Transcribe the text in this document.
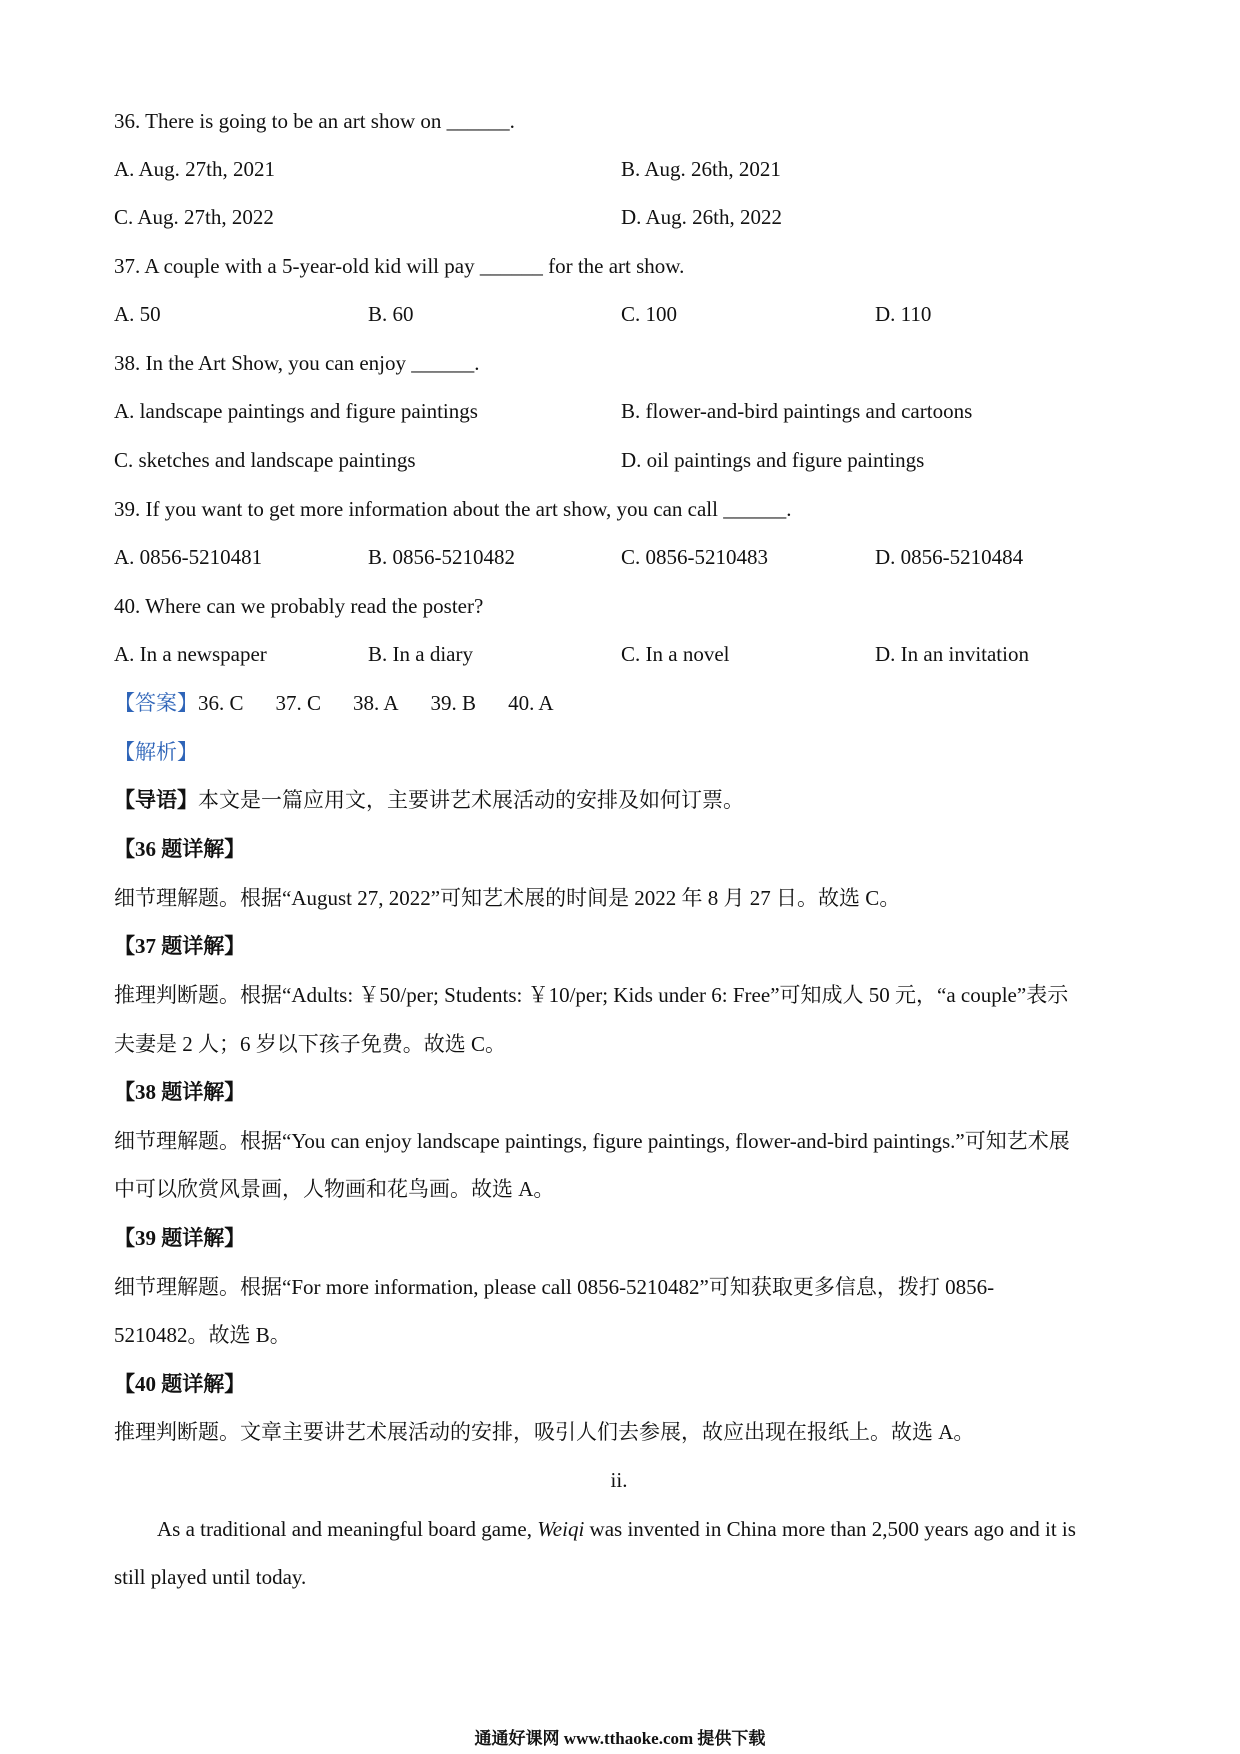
36. There is going to be an art show on ______.
A. Aug. 27th, 2021	B. Aug. 26th, 2021
C. Aug. 27th, 2022	D. Aug. 26th, 2022
37. A couple with a 5-year-old kid will pay ______ for the art show.
A. 50	B. 60	C. 100	D. 110
38. In the Art Show, you can enjoy ______.
A. landscape paintings and figure paintings	B. flower-and-bird paintings and cartoons
C. sketches and landscape paintings	D. oil paintings and figure paintings
39. If you want to get more information about the art show, you can call ______.
A. 0856-5210481	B. 0856-5210482	C. 0856-5210483	D. 0856-5210484
40. Where can we probably read the poster?
A. In a newspaper	B. In a diary	C. In a novel	D. In an invitation
【答案】36. C 37. C 38. A 39. B 40. A
【解析】
【导语】本文是一篇应用文，主要讲艺术展活动的安排及如何订票。
【36 题详解】
细节理解题。根据“August 27, 2022”可知艺术展的时间是 2022 年 8 月 27 日。故选 C。
【37 题详解】
推理判断题。根据“Adults: ￥50/per; Students: ￥10/per; Kids under 6: Free”可知成人 50 元，“a couple”表示
夫妻是 2 人；6 岁以下孩子免费。故选 C。
【38 题详解】
细节理解题。根据“You can enjoy landscape paintings, figure paintings, flower-and-bird paintings.”可知艺术展
中可以欣赏风景画，人物画和花鸟画。故选 A。
【39 题详解】
细节理解题。根据“For more information, please call 0856-5210482”可知获取更多信息，拨打 0856-
5210482。故选 B。
【40 题详解】
推理判断题。文章主要讲艺术展活动的安排，吸引人们去参展，故应出现在报纸上。故选 A。
ii.
As a traditional and meaningful board game, Weiqi was invented in China more than 2,500 years ago and it is
still played until today.
通通好课网 www.tthaoke.com 提供下载
